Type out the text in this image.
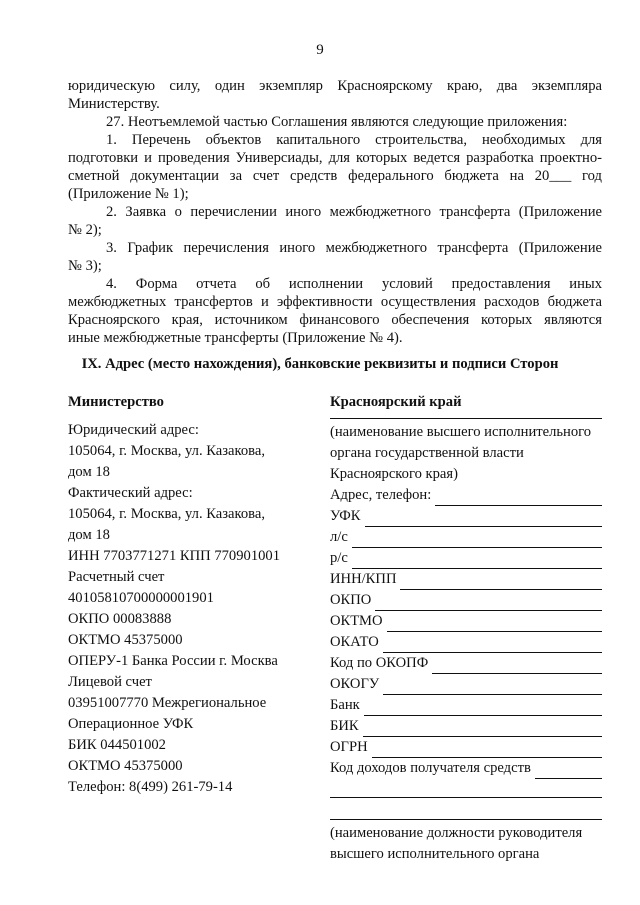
9
юридическую силу, один экземпляр Красноярскому краю, два экземпляра
Министерству.
27. Неотъемлемой частью Соглашения являются следующие приложения:
1. Перечень объектов капитального строительства, необходимых для
подготовки и проведения Универсиады, для которых ведется разработка проектно-
сметной документации за счет средств федерального бюджета на 20___ год
(Приложение № 1);
2. Заявка о перечислении иного межбюджетного трансферта (Приложение
№ 2);
3. График перечисления иного межбюджетного трансферта (Приложение
№ 3);
4. Форма отчета об исполнении условий предоставления иных
межбюджетных трансфертов и эффективности осуществления расходов бюджета
Красноярского края, источником финансового обеспечения которых являются
иные межбюджетные трансферты (Приложение № 4).
IX. Адрес (место нахождения), банковские реквизиты и подписи Сторон
Министерство	Красноярский край
Юридический адрес:
105064, г. Москва, ул. Казакова,
дом 18
Фактический адрес:
105064, г. Москва, ул. Казакова,
дом 18
ИНН 7703771271 КПП 770901001
Расчетный счет
40105810700000001901
ОКПО 00083888
ОКТМО 45375000
ОПЕРУ-1 Банка России г. Москва
Лицевой счет
03951007770 Межрегиональное
Операционное УФК
БИК 044501002
ОКТМО 45375000
Телефон: 8(499) 261-79-14
(наименование высшего исполнительного
органа государственной власти
Красноярского края)
Адрес, телефон:
УФК
л/с
р/с
ИНН/КПП
ОКПО
ОКТМО
ОКАТО
Код по ОКОПФ
ОКОГУ
Банк
БИК
ОГРН
Код доходов получателя средств
(наименование должности руководителя
высшего исполнительного органа
